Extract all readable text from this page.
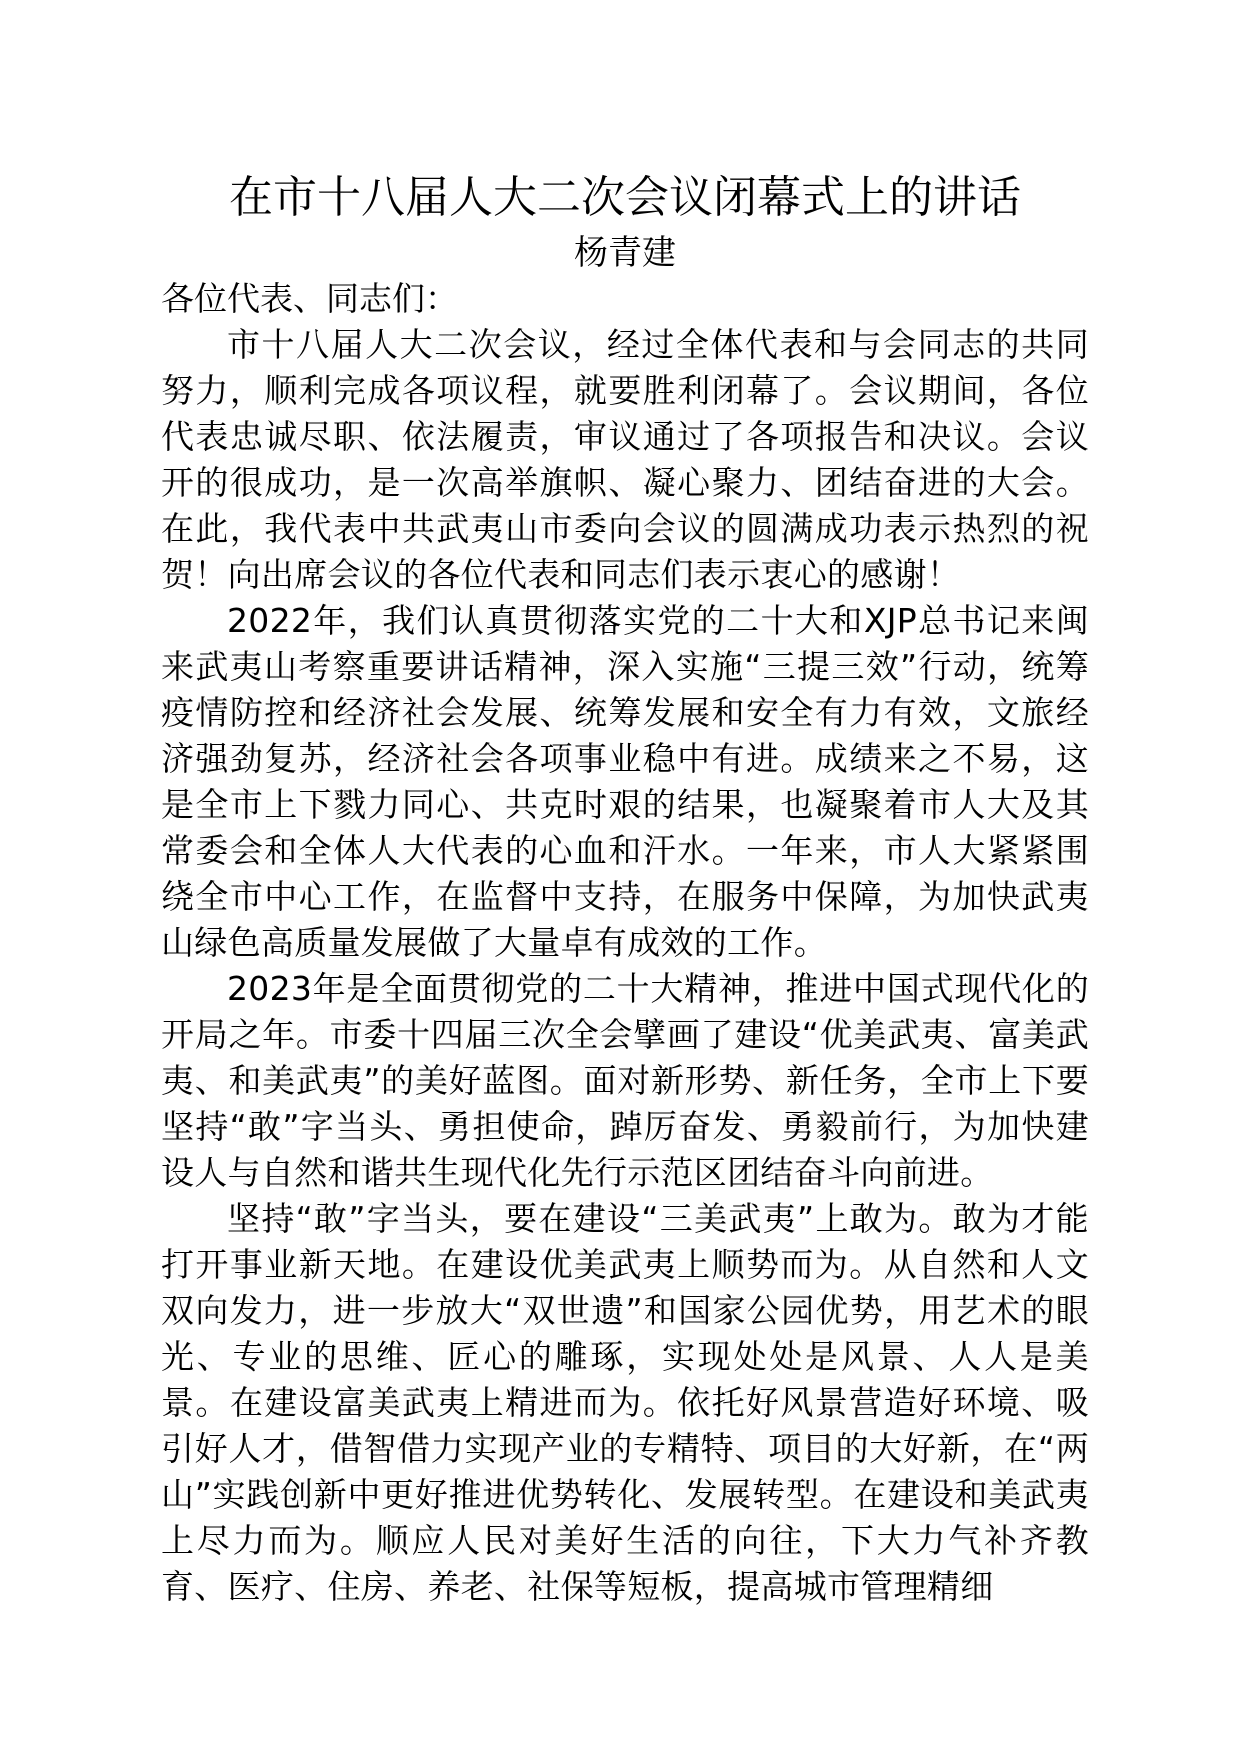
在市十八届人大二次会议闭幕式上的讲话
杨青建

各位代表、同志们：

市十八届人大二次会议，经过全体代表和与会同志的共同努力，顺利完成各项议程，就要胜利闭幕了。会议期间，各位代表忠诚尽职、依法履责，审议通过了各项报告和决议。会议开的很成功，是一次高举旗帜、凝心聚力、团结奋进的大会。在此，我代表中共武夷山市委向会议的圆满成功表示热烈的祝贺！向出席会议的各位代表和同志们表示衷心的感谢！

2022年，我们认真贯彻落实党的二十大和XJP总书记来闽来武夷山考察重要讲话精神，深入实施“三提三效”行动，统筹疫情防控和经济社会发展、统筹发展和安全有力有效，文旅经济强劲复苏，经济社会各项事业稳中有进。成绩来之不易，这是全市上下戮力同心、共克时艰的结果，也凝聚着市人大及其常委会和全体人大代表的心血和汗水。一年来，市人大紧紧围绕全市中心工作，在监督中支持，在服务中保障，为加快武夷山绿色高质量发展做了大量卓有成效的工作。

2023年是全面贯彻党的二十大精神，推进中国式现代化的开局之年。市委十四届三次全会擘画了建设“优美武夷、富美武夷、和美武夷”的美好蓝图。面对新形势、新任务，全市上下要坚持“敢”字当头、勇担使命，踔厉奋发、勇毅前行，为加快建设人与自然和谐共生现代化先行示范区团结奋斗向前进。

坚持“敢”字当头，要在建设“三美武夷”上敢为。敢为才能打开事业新天地。在建设优美武夷上顺势而为。从自然和人文双向发力，进一步放大“双世遗”和国家公园优势，用艺术的眼光、专业的思维、匠心的雕琢，实现处处是风景、人人是美景。在建设富美武夷上精进而为。依托好风景营造好环境、吸引好人才，借智借力实现产业的专精特、项目的大好新，在“两山”实践创新中更好推进优势转化、发展转型。在建设和美武夷上尽力而为。顺应人民对美好生活的向往，下大力气补齐教育、医疗、住房、养老、社保等短板，提高城市管理精细
